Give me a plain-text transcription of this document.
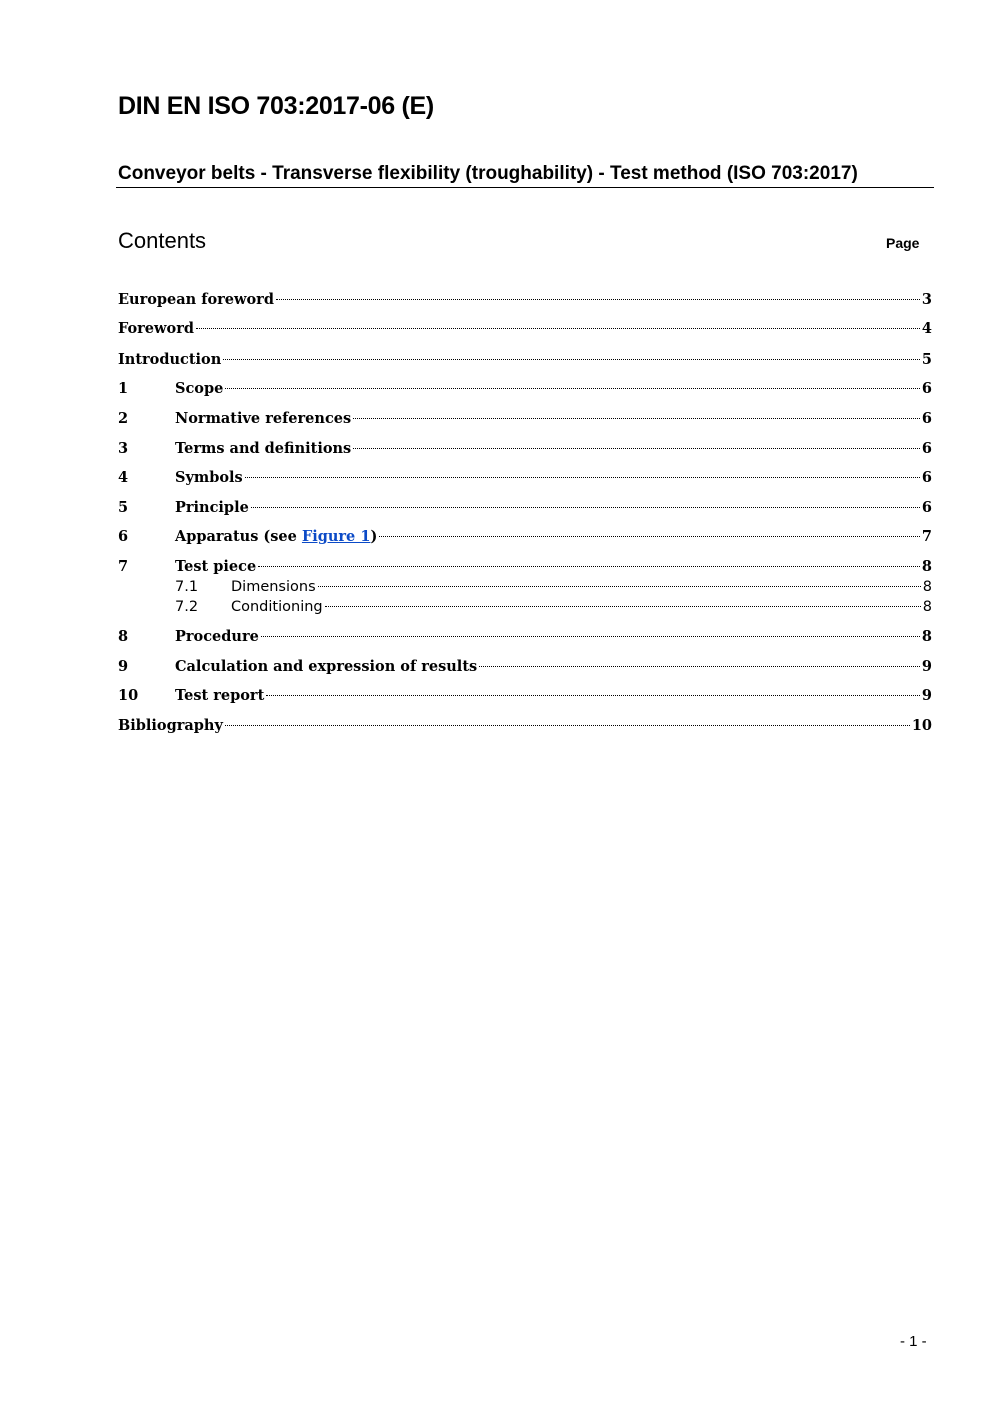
DIN EN ISO 703:2017-06 (E)
Conveyor belts - Transverse flexibility (troughability) - Test method (ISO 703:2017)
Contents	Page
European foreword	3
Foreword	4
Introduction	5
1	Scope	6
2	Normative references	6
3	Terms and definitions	6
4	Symbols	6
5	Principle	6
6	Apparatus (see Figure 1)	7
7	Test piece	8
7.1	Dimensions	8
7.2	Conditioning	8
8	Procedure	8
9	Calculation and expression of results	9
10	Test report	9
Bibliography	10
- 1 -
